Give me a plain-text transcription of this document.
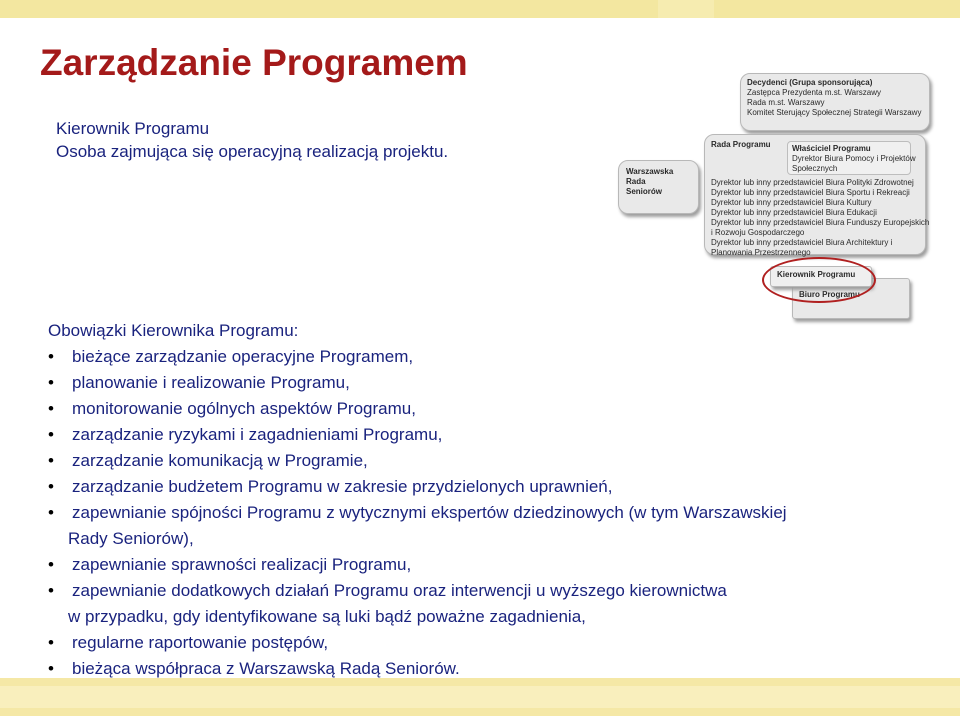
Zarządzanie Programem
Kierownik Programu
Osoba zajmująca się operacyjną realizacją projektu.
Decydenci (Grupa sponsorująca)
Zastępca Prezydenta m.st. Warszawy
Rada m.st. Warszawy
Komitet Sterujący Społecznej Strategii Warszawy
Warszawska
Rada
Seniorów
Rada Programu	Właściciel Programu
Dyrektor Biura Pomocy i Projektów
Społecznych
Dyrektor lub inny przedstawiciel Biura Polityki Zdrowotnej
Dyrektor lub inny przedstawiciel Biura Sportu i Rekreacji
Dyrektor lub inny przedstawiciel Biura Kultury
Dyrektor lub inny przedstawiciel Biura Edukacji
Dyrektor lub inny przedstawiciel Biura Funduszy Europejskich
i Rozwoju Gospodarczego
Dyrektor lub inny przedstawiciel Biura Architektury i
Planowania Przestrzennego
Biuro Programu
Kierownik Programu
Obowiązki Kierownika Programu:
• bieżące zarządzanie operacyjne Programem,
• planowanie i realizowanie Programu,
• monitorowanie ogólnych aspektów Programu,
• zarządzanie ryzykami i zagadnieniami Programu,
• zarządzanie komunikacją w Programie,
• zarządzanie budżetem Programu w zakresie przydzielonych uprawnień,
• zapewnianie spójności Programu z wytycznymi ekspertów dziedzinowych (w tym Warszawskiej
Rady Seniorów),
• zapewnianie sprawności realizacji Programu,
• zapewnianie dodatkowych działań Programu oraz interwencji u wyższego kierownictwa
w przypadku, gdy identyfikowane są luki bądź poważne zagadnienia,
• regularne raportowanie postępów,
• bieżąca współpraca z Warszawską Radą Seniorów.
